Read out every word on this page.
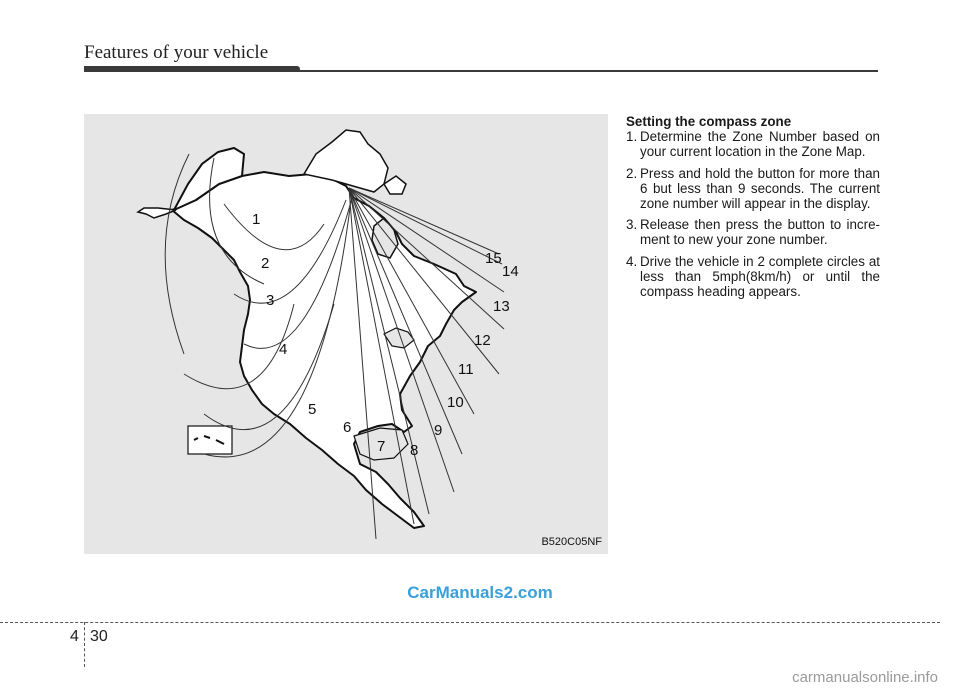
Features of your vehicle
1
2
3
4
5
6
7 8
9
10
11
12
13
14
15
B520C05NF

Setting the compass zone

1. Determine the Zone Number based on your current location in the Zone Map.
2. Press and hold the button for more than 6 but less than 9 seconds. The current zone number will appear in the display.
3. Release then press the button to incre- ment to new your zone number.
4. Drive the vehicle in 2 complete circles at less than 5mph(8km/h) or until the compass heading appears.
CarManuals2.com
4 30
carmanualsonline.info
